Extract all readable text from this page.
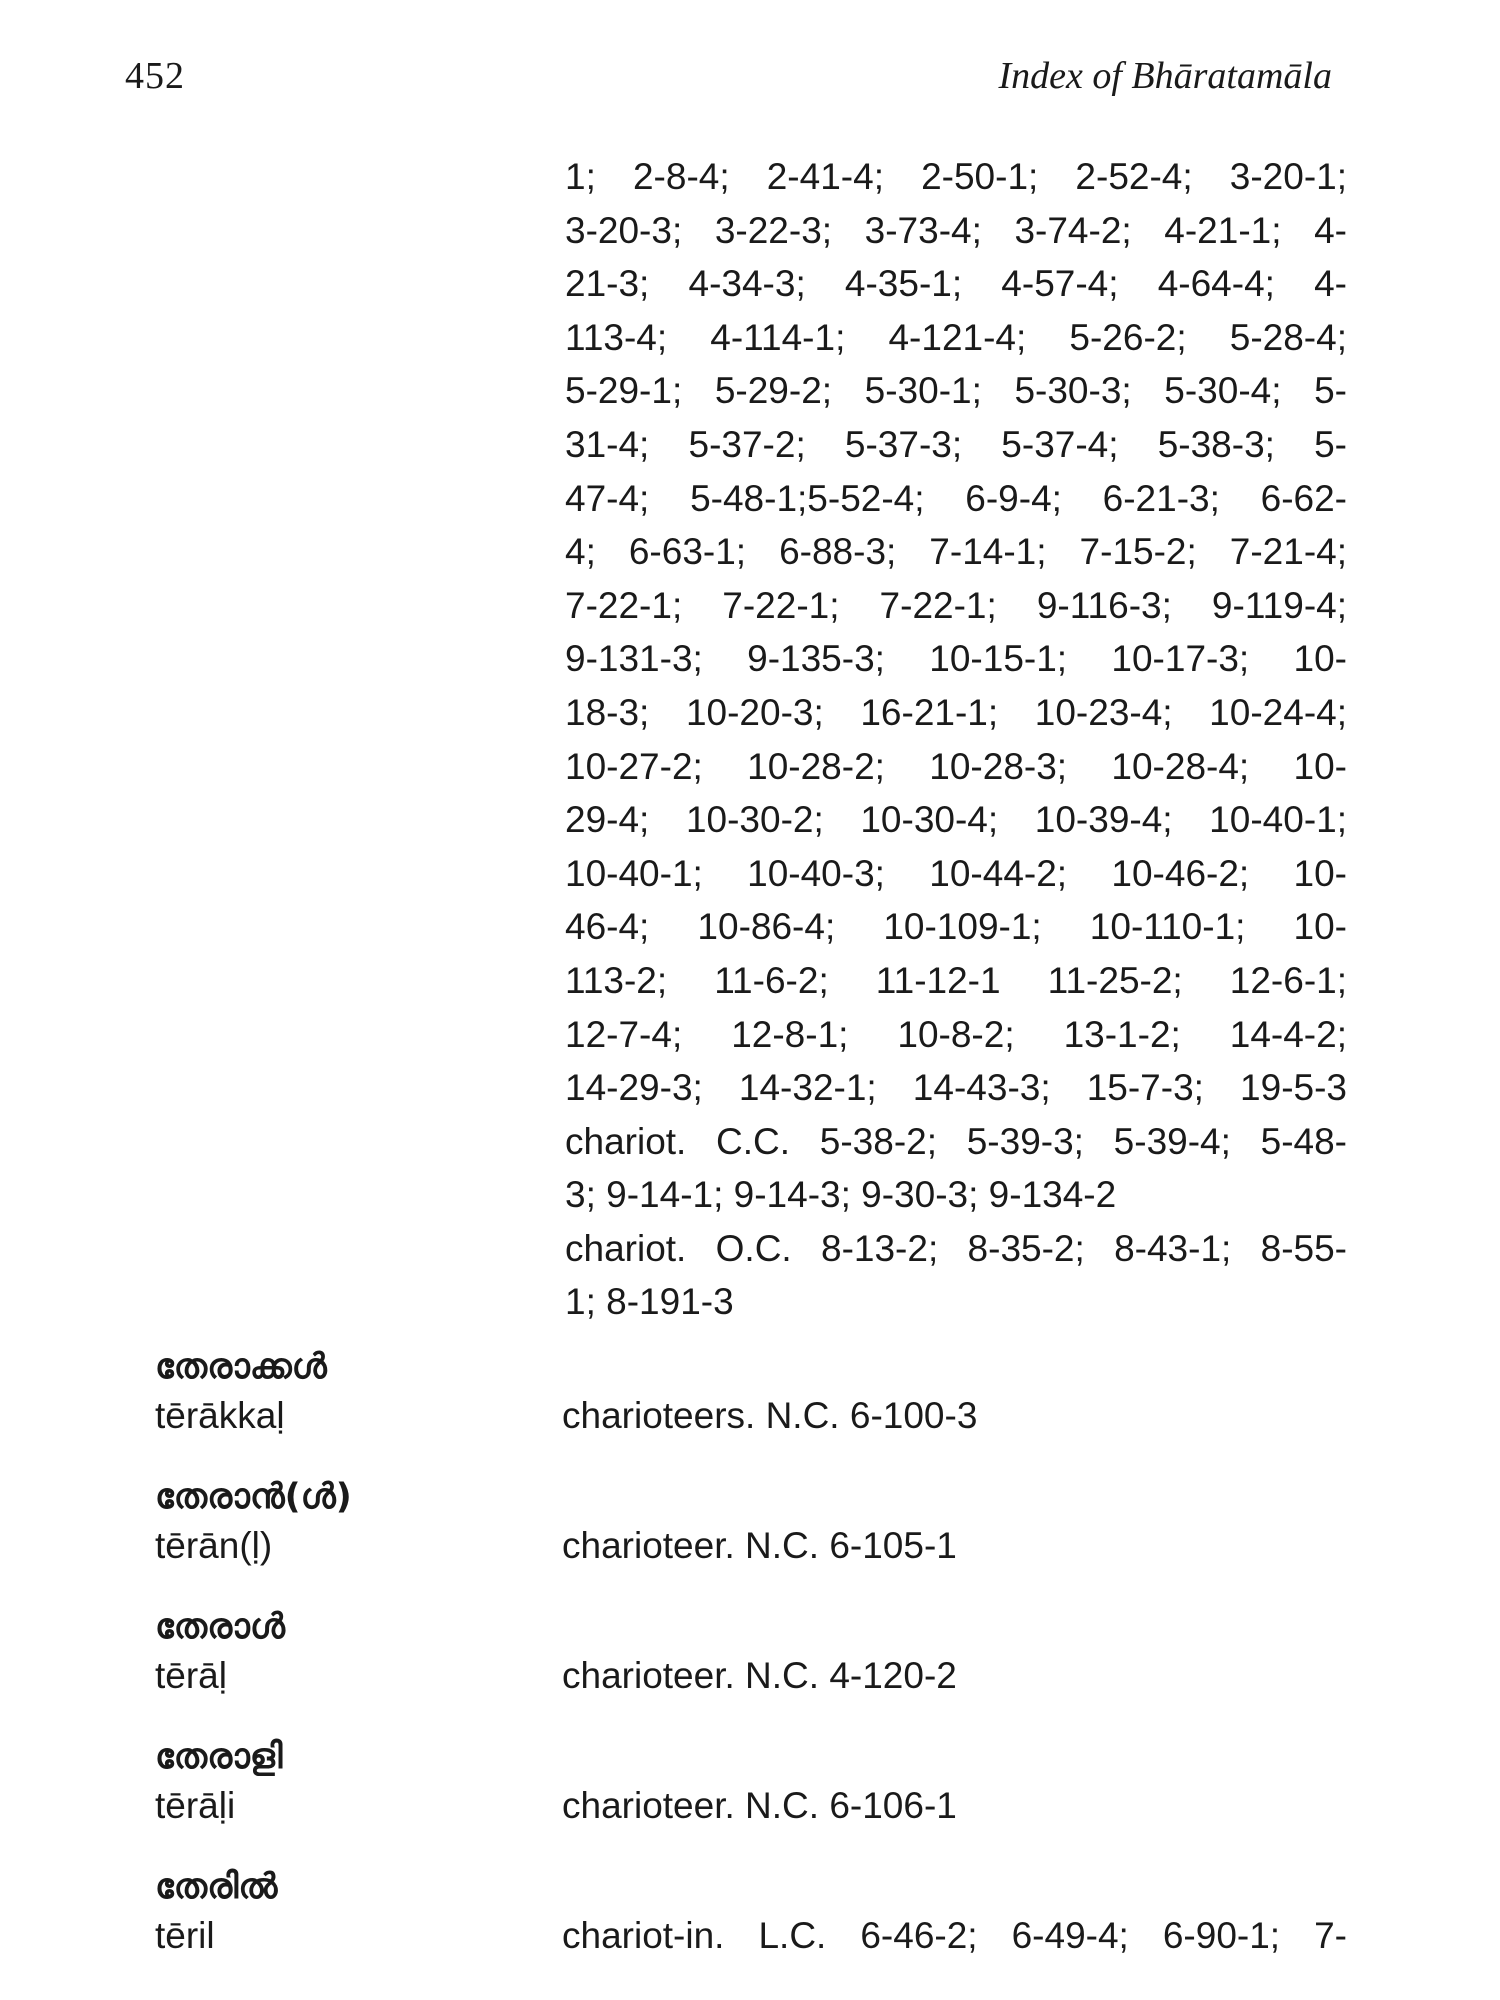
452	Index of Bhāratamāla
1; 2-8-4; 2-41-4; 2-50-1; 2-52-4; 3-20-1;
3-20-3; 3-22-3; 3-73-4; 3-74-2; 4-21-1; 4-
21-3; 4-34-3; 4-35-1; 4-57-4; 4-64-4; 4-
113-4; 4-114-1; 4-121-4; 5-26-2; 5-28-4;
5-29-1; 5-29-2; 5-30-1; 5-30-3; 5-30-4; 5-
31-4; 5-37-2; 5-37-3; 5-37-4; 5-38-3; 5-
47-4; 5-48-1;5-52-4; 6-9-4; 6-21-3; 6-62-
4; 6-63-1; 6-88-3; 7-14-1; 7-15-2; 7-21-4;
7-22-1; 7-22-1; 7-22-1; 9-116-3; 9-119-4;
9-131-3; 9-135-3; 10-15-1; 10-17-3; 10-
18-3; 10-20-3; 16-21-1; 10-23-4; 10-24-4;
10-27-2; 10-28-2; 10-28-3; 10-28-4; 10-
29-4; 10-30-2; 10-30-4; 10-39-4; 10-40-1;
10-40-1; 10-40-3; 10-44-2; 10-46-2; 10-
46-4; 10-86-4; 10-109-1; 10-110-1; 10-
113-2; 11-6-2; 11-12-1 11-25-2; 12-6-1;
12-7-4; 12-8-1; 10-8-2; 13-1-2; 14-4-2;
14-29-3; 14-32-1; 14-43-3; 15-7-3; 19-5-3
chariot. C.C. 5-38-2; 5-39-3; 5-39-4; 5-48-
3; 9-14-1; 9-14-3; 9-30-3; 9-134-2
chariot. O.C. 8-13-2; 8-35-2; 8-43-1; 8-55-
1; 8-191-3
തേരാക്കൾ
tērākkaḷ	charioteers. N.C. 6-100-3
തേരാൻ(ൾ)
tērān(ḷ)	charioteer. N.C. 6-105-1
തേരാൾ
tērāḷ	charioteer. N.C. 4-120-2
തേരാളി
tērāḷi	charioteer. N.C. 6-106-1
തേരിൽ
tēril	chariot-in. L.C. 6-46-2; 6-49-4; 6-90-1; 7-
